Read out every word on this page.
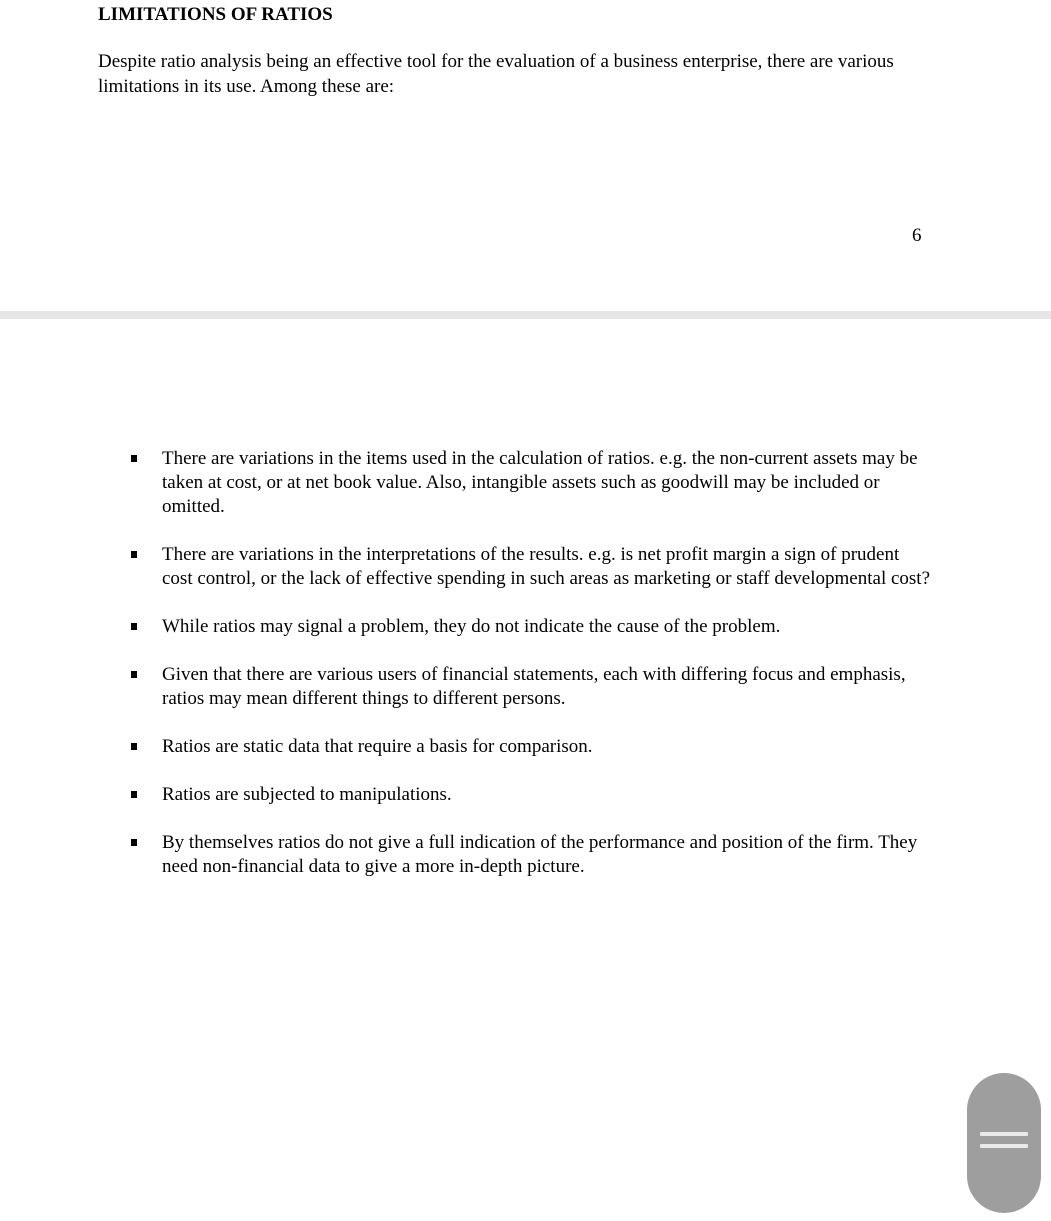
LIMITATIONS OF RATIOS

Despite ratio analysis being an effective tool for the evaluation of a business enterprise, there are various limitations in its use. Among these are:

6
There are variations in the items used in the calculation of ratios. e.g. the non-current assets may be taken at cost, or at net book value. Also, intangible assets such as goodwill may be included or omitted.
There are variations in the interpretations of the results. e.g. is net profit margin a sign of prudent cost control, or the lack of effective spending in such areas as marketing or staff developmental cost?
While ratios may signal a problem, they do not indicate the cause of the problem.
Given that there are various users of financial statements, each with differing focus and emphasis, ratios may mean different things to different persons.
Ratios are static data that require a basis for comparison.
Ratios are subjected to manipulations.
By themselves ratios do not give a full indication of the performance and position of the firm. They need non-financial data to give a more in-depth picture.
